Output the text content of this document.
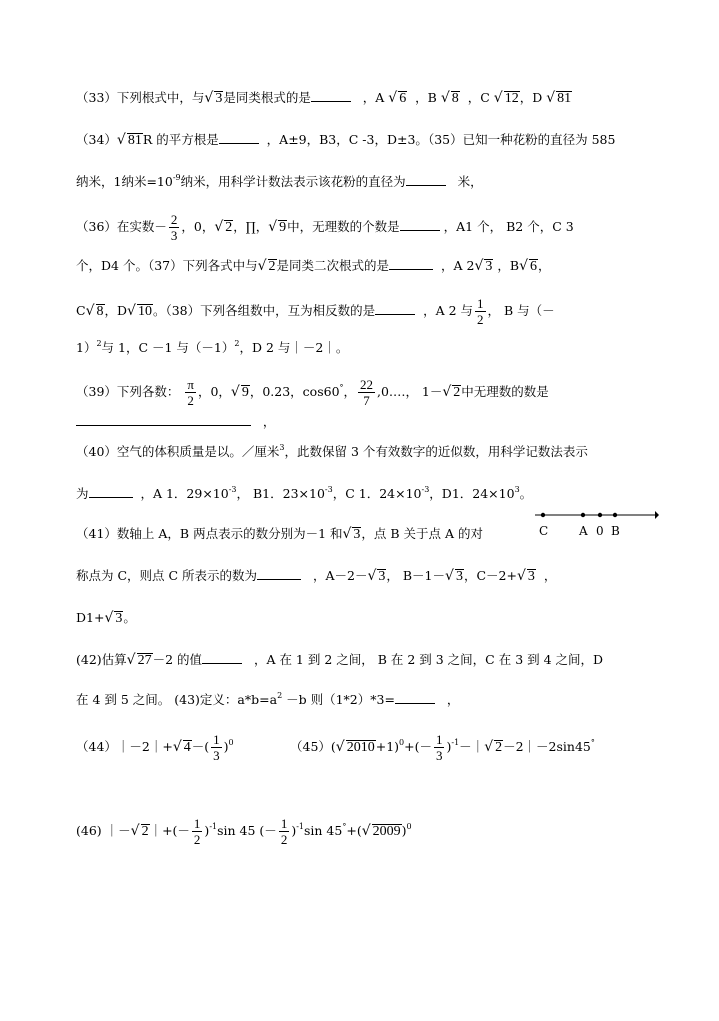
（33）下列根式中，与√ 3是同类根式的是	，A √ 6 ，B √ 8 ，C √ 12，D √ 81
（34）√ 81R 的平方根是	，A±9，B3，C -3，D±3。（35）已知一种花粉的直径为 585
纳米，1纳米$=10^{-9}$纳米，用科学计数法表示该花粉的直径为	米，
（36）在实数－ $\frac{2}{3}$ ，0，√ 2，∏，√ 9中，无理数的个数是	，A1 个， B2 个，C 3
个，D4 个。（37）下列各式中与√ 2是同类二次根式的是	，A 2√ 3 ，B√ 6，
C√ 8，D√ 10。（38）下列各组数中，互为相反数的是	，A 2 与 $\frac{1}{2}$ ， B 与（－
1）$^2$与 1，C －1 与$(-1)^2$，D 2 与｜－2｜。
（39）下列各数： $\frac{\pi}{2}$ ，0，√ 9，0.23，cos60°， $\frac{22}{7}$ ,0.…， 1－√ 2中无理数的数是
，
（40）空气的体积质量是以。／厘米$^3$，此数保留 3 个有效数字的近似数，用科学记数法表示
为	，A 1．$29\times 10^{-3}$， B1．$23\times 10^{-3}$，C 1．$24\times 10^{-3}$，D1．$24\times 10^3$。
（41）数轴上 A，B 两点表示的数分别为－1 和√ 3，点 B 关于点 A 的对	C	A 0 B
称点为 C，则点 C 所表示的数为	，A－2－√ 3， B－1－√ 3，C－2+√ 3 ，
D1+√ 3。
(42)估算√ 27－2 的值	，A 在 1 到 2 之间， B 在 2 到 3 之间，C 在 3 到 4 之间，D
在 4 到 5 之间。 (43)定义：$a*b=a^2 -b$ 则（1*2）*3=	，
（44）｜－2｜+√ $4-( \frac{1}{3} )^0$	（45）(√ $2010+1)^0+(- \frac{1}{3}$ )$^{-1}-|√$ 2－2｜－2sin45°
(46) ｜－√ 2｜+(－ $\frac{1}{2} )^{-1}\sin$ 45 (－ $\frac{1}{2} )^{-1}\sin$ 45°+(√ 2009)$^0$
